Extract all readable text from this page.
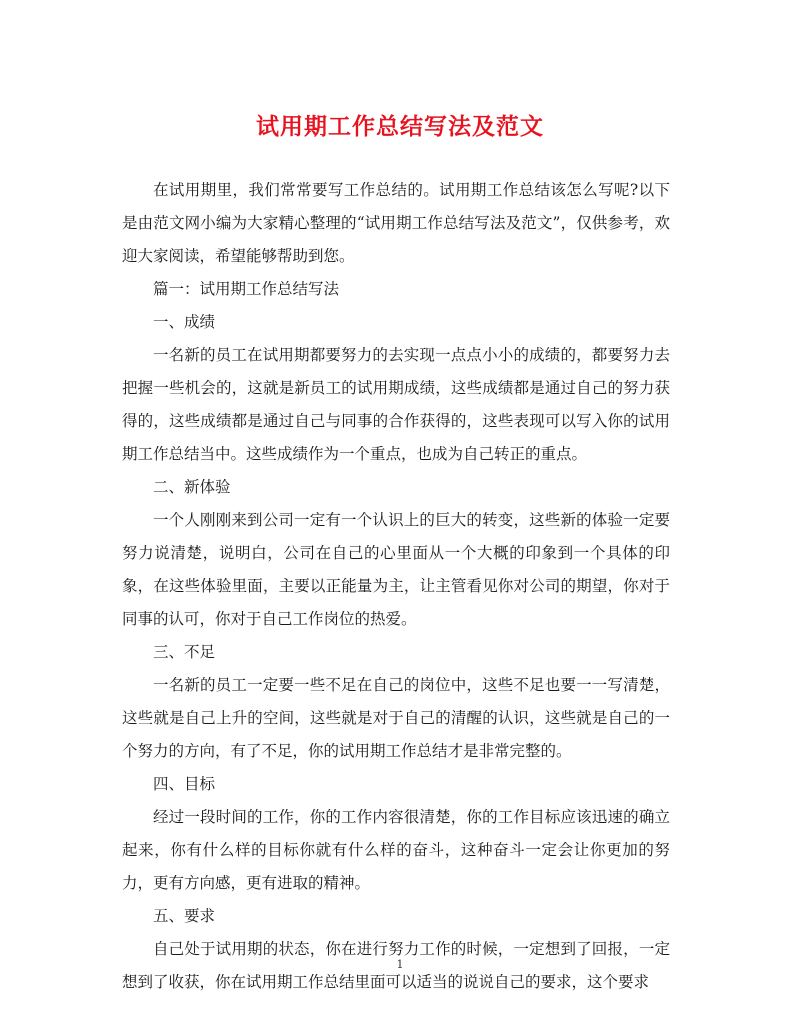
试用期工作总结写法及范文

在试用期里，我们常常要写工作总结的。试用期工作总结该怎么写呢?以下是由范文网小编为大家精心整理的“试用期工作总结写法及范文”，仅供参考，欢迎大家阅读，希望能够帮助到您。

篇一：试用期工作总结写法

一、成绩

一名新的员工在试用期都要努力的去实现一点点小小的成绩的，都要努力去把握一些机会的，这就是新员工的试用期成绩，这些成绩都是通过自己的努力获得的，这些成绩都是通过自己与同事的合作获得的，这些表现可以写入你的试用期工作总结当中。这些成绩作为一个重点，也成为自己转正的重点。

二、新体验

一个人刚刚来到公司一定有一个认识上的巨大的转变，这些新的体验一定要努力说清楚，说明白，公司在自己的心里面从一个大概的印象到一个具体的印象，在这些体验里面，主要以正能量为主，让主管看见你对公司的期望，你对于同事的认可，你对于自己工作岗位的热爱。

三、不足

一名新的员工一定要一些不足在自己的岗位中，这些不足也要一一写清楚，这些就是自己上升的空间，这些就是对于自己的清醒的认识，这些就是自己的一个努力的方向，有了不足，你的试用期工作总结才是非常完整的。

四、目标

经过一段时间的工作，你的工作内容很清楚，你的工作目标应该迅速的确立起来，你有什么样的目标你就有什么样的奋斗，这种奋斗一定会让你更加的努力，更有方向感，更有进取的精神。

五、要求

自己处于试用期的状态，你在进行努力工作的时候，一定想到了回报，一定想到了收获，你在试用期工作总结里面可以适当的说说自己的要求，这个要求

1
